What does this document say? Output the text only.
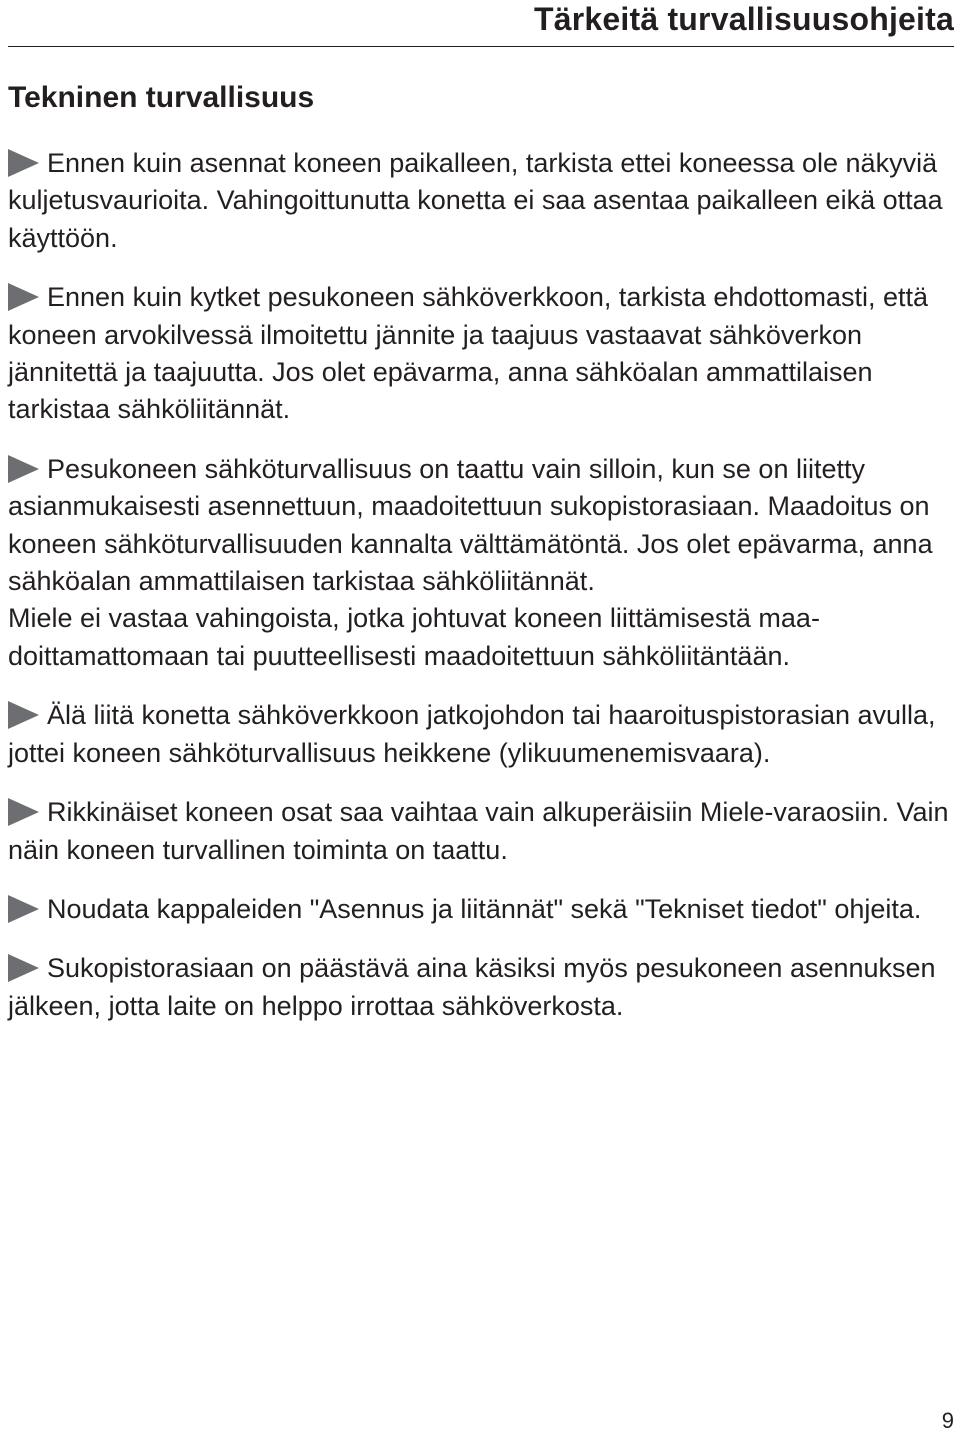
Tärkeitä turvallisuusohjeita
Tekninen turvallisuus

Ennen kuin asennat koneen paikalleen, tarkista ettei koneessa ole näkyviä kuljetusvaurioita. Vahingoittunutta konetta ei saa asentaa paikalleen eikä ottaa käyttöön.

Ennen kuin kytket pesukoneen sähköverkkoon, tarkista ehdottomasti, että koneen arvokilvessä ilmoitettu jännite ja taajuus vastaavat sähköverkon jännitettä ja taajuutta. Jos olet epävarma, anna sähköalan ammattilaisen tarkistaa sähköliitännät.

Pesukoneen sähköturvallisuus on taattu vain silloin, kun se on liitetty asianmukaisesti asennettuun, maadoitettuun sukopistorasiaan. Maadoitus on koneen sähköturvallisuuden kannalta välttämätöntä. Jos olet epävarma, anna sähköalan ammattilaisen tarkistaa sähköliitännät.

Miele ei vastaa vahingoista, jotka johtuvat koneen liittämisestä maadoittamattomaan tai puutteellisesti maadoitettuun sähköliitäntään.

Älä liitä konetta sähköverkkoon jatkojohdon tai haaroituspistorasian avulla, jottei koneen sähköturvallisuus heikkene (ylikuumenemisvaara).

Rikkinäiset koneen osat saa vaihtaa vain alkuperäisiin Miele-varaosiin. Vain näin koneen turvallinen toiminta on taattu.

Noudata kappaleiden "Asennus ja liitännät" sekä "Tekniset tiedot" ohjeita.

Sukopistorasiaan on päästävä aina käsiksi myös pesukoneen asennuksen jälkeen, jotta laite on helppo irrottaa sähköverkosta.

9
